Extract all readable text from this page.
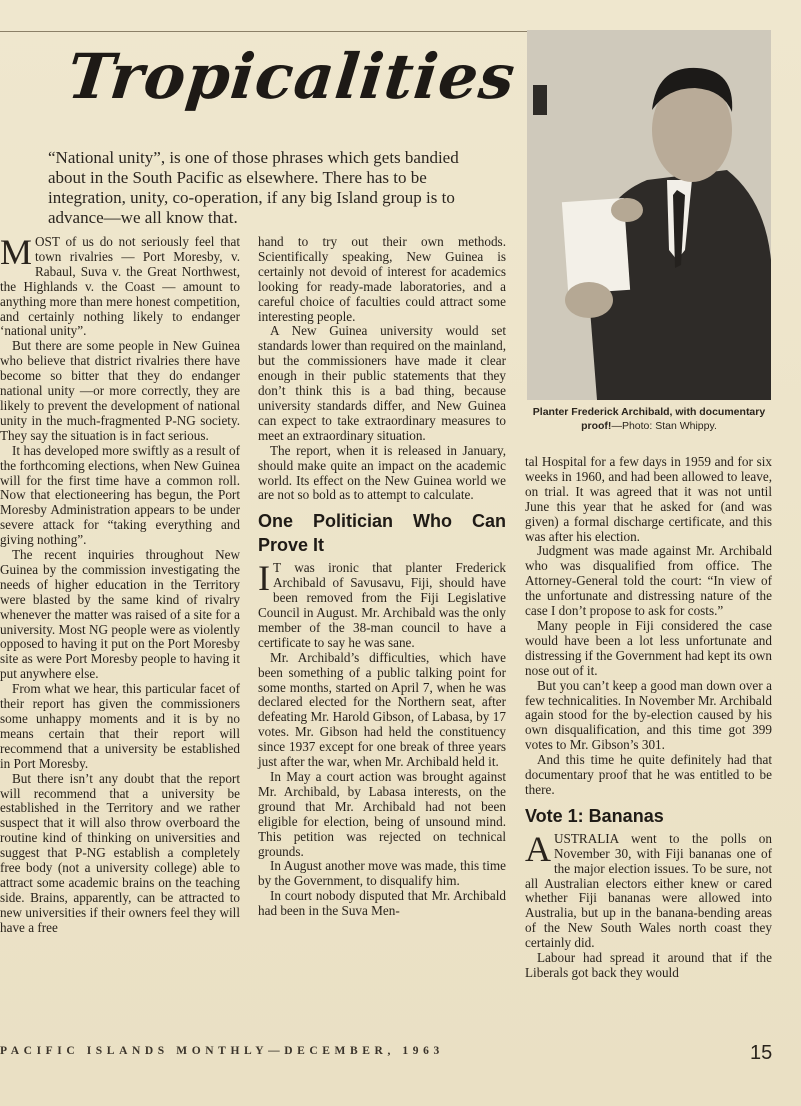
Tropicalities

“National unity”, is one of those phrases which gets bandied about in the South Pacific as elsewhere. There has to be integration, unity, co-operation, if any big Island group is to advance—we all know that.

MOST of us do not seriously feel that town rivalries — Port Moresby, v. Rabaul, Suva v. the Great Northwest, the Highlands v. the Coast — amount to anything more than mere honest competition, and certainly nothing likely to endanger ‘national unity”.

But there are some people in New Guinea who believe that district rivalries there have become so bitter that they do endanger national unity —or more correctly, they are likely to prevent the development of national unity in the much-fragmented P-NG society. They say the situation is in fact serious.

It has developed more swiftly as a result of the forthcoming elections, when New Guinea will for the first time have a common roll. Now that electioneering has begun, the Port Moresby Administration appears to be under severe attack for “taking everything and giving nothing”.

The recent inquiries throughout New Guinea by the commission investigating the needs of higher education in the Territory were blasted by the same kind of rivalry whenever the matter was raised of a site for a university. Most NG people were as violently opposed to having it put on the Port Moresby site as were Port Moresby people to having it put anywhere else.

From what we hear, this particular facet of their report has given the commissioners some unhappy moments and it is by no means certain that their report will recommend that a university be established in Port Moresby.

But there isn’t any doubt that the report will recommend that a university be established in the Territory and we rather suspect that it will also throw overboard the routine kind of thinking on universities and suggest that P-NG establish a completely free body (not a university college) able to attract some academic brains on the teaching side. Brains, apparently, can be attracted to new universities if their owners feel they will have a free

hand to try out their own methods. Scientifically speaking, New Guinea is certainly not devoid of interest for academics looking for ready-made laboratories, and a careful choice of faculties could attract some interesting people.

A New Guinea university would set standards lower than required on the mainland, but the commissioners have made it clear enough in their public statements that they don’t think this is a bad thing, because university standards differ, and New Guinea can expect to take extraordinary measures to meet an extraordinary situation.

The report, when it is released in January, should make quite an impact on the academic world. Its effect on the New Guinea world we are not so bold as to attempt to calculate.

One Politician Who Can Prove It

I T was ironic that planter Frederick Archibald of Savusavu, Fiji, should have been removed from the Fiji Legislative Council in August. Mr. Archibald was the only member of the 38-man council to have a certificate to say he was sane.

Mr. Archibald’s difficulties, which have been something of a public talking point for some months, started on April 7, when he was declared elected for the Northern seat, after defeating Mr. Harold Gibson, of Labasa, by 17 votes. Mr. Gibson had held the constituency since 1937 except for one break of three years just after the war, when Mr. Archibald held it.

In May a court action was brought against Mr. Archibald, by Labasa interests, on the ground that Mr. Archibald had not been eligible for election, being of unsound mind. This petition was rejected on technical grounds.

In August another move was made, this time by the Government, to disqualify him.

In court nobody disputed that Mr. Archibald had been in the Suva Men-

Planter Frederick Archibald, with documentary proof!—Photo: Stan Whippy.

tal Hospital for a few days in 1959 and for six weeks in 1960, and had been allowed to leave, on trial. It was agreed that it was not until June this year that he asked for (and was given) a formal discharge certificate, and this was after his election.

Judgment was made against Mr. Archibald who was disqualified from office. The Attorney-General told the court: “In view of the unfortunate and distressing nature of the case I don’t propose to ask for costs.”

Many people in Fiji considered the case would have been a lot less unfortunate and distressing if the Government had kept its own nose out of it.

But you can’t keep a good man down over a few technicalities. In November Mr. Archibald again stood for the by-election caused by his own disqualification, and this time got 399 votes to Mr. Gibson’s 301.

And this time he quite definitely had that documentary proof that he was entitled to be there.

Vote 1: Bananas

AUSTRALIA went to the polls on November 30, with Fiji bananas one of the major election issues. To be sure, not all Australian electors either knew or cared whether Fiji bananas were allowed into Australia, but up in the banana-bending areas of the New South Wales north coast they certainly did.

Labour had spread it around that if the Liberals got back they would

PACIFIC ISLANDS MONTHLY—DECEMBER, 1963	15
